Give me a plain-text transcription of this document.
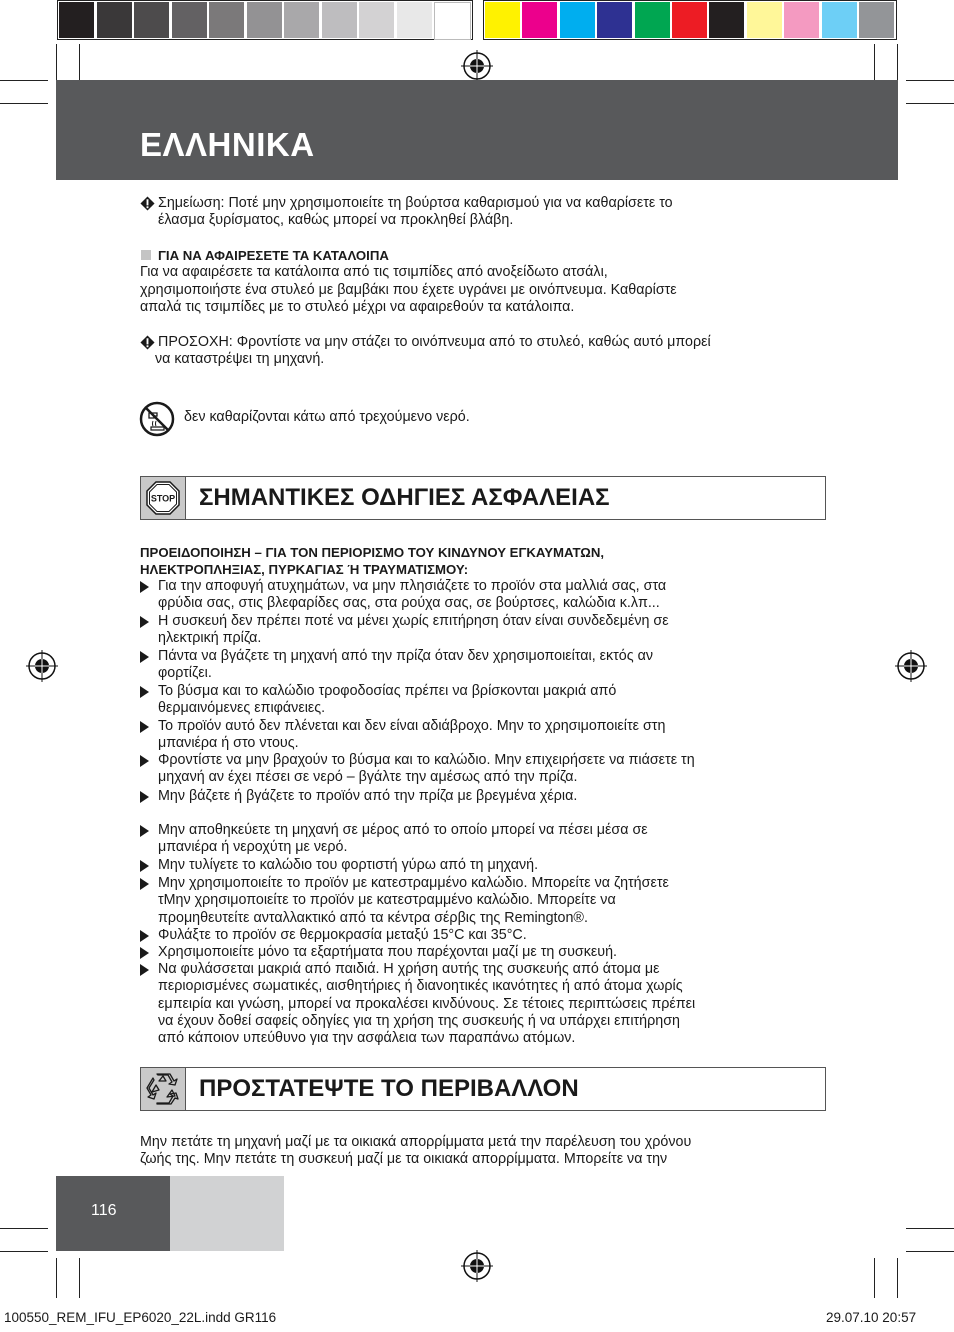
ΕΛΛΗΝΙΚΑ
Σημείωση: Ποτέ μην χρησιμοποιείτε τη βούρτσα καθαρισμού για να καθαρίσετε το
έλασμα ξυρίσματος, καθώς μπορεί να προκληθεί βλάβη.
ΓΙΑ ΝΑ ΑΦΑΙΡΕΣΕΤΕ ΤΑ ΚΑΤΑΛΟΙΠΑ
Για να αφαιρέσετε τα κατάλοιπα από τις τσιμπίδες από ανοξείδωτο ατσάλι,
χρησιμοποιήστε ένα στυλεό με βαμβάκι που έχετε υγράνει με οινόπνευμα. Καθαρίστε
απαλά τις τσιμπίδες με το στυλεό μέχρι να αφαιρεθούν τα κατάλοιπα.
ΠΡΟΣΟΧΗ: Φροντίστε να μην στάζει το οινόπνευμα από το στυλεό, καθώς αυτό μπορεί
να καταστρέψει τη μηχανή.
δεν καθαρίζονται κάτω από τρεχούμενο νερό.
STOP ΣΗΜΑΝΤΙΚΕΣ ΟΔΗΓΙΕΣ ΑΣΦΑΛΕΙΑΣ
ΠΡΟΕΙΔΟΠΟΙΗΣΗ – ΓΙΑ ΤΟΝ ΠΕΡΙΟΡΙΣΜΟ ΤΟΥ ΚΙΝΔΥΝΟΥ ΕΓΚΑΥΜΑΤΩΝ,
ΗΛΕΚΤΡΟΠΛΗΞΙΑΣ, ΠΥΡΚΑΓΙΑΣ Ή ΤΡΑΥΜΑΤΙΣΜΟΥ:
Για την αποφυγή ατυχημάτων, να μην πλησιάζετε το προϊόν στα μαλλιά σας, στα
φρύδια σας, στις βλεφαρίδες σας, στα ρούχα σας, σε βούρτσες, καλώδια κ.λπ...
Η συσκευή δεν πρέπει ποτέ να μένει χωρίς επιτήρηση όταν είναι συνδεδεμένη σε
ηλεκτρική πρίζα.
Πάντα να βγάζετε τη μηχανή από την πρίζα όταν δεν χρησιμοποιείται, εκτός αν
φορτίζει.
Το βύσμα και το καλώδιο τροφοδοσίας πρέπει να βρίσκονται μακριά από
θερμαινόμενες επιφάνειες.
Το προϊόν αυτό δεν πλένεται και δεν είναι αδιάβροχο. Μην το χρησιμοποιείτε στη
μπανιέρα ή στο ντους.
Φροντίστε να μην βραχούν το βύσμα και το καλώδιο. Μην επιχειρήσετε να πιάσετε τη
μηχανή αν έχει πέσει σε νερό – βγάλτε την αμέσως από την πρίζα.
Μην βάζετε ή βγάζετε το προϊόν από την πρίζα με βρεγμένα χέρια.
Μην αποθηκεύετε τη μηχανή σε μέρος από το οποίο μπορεί να πέσει μέσα σε
μπανιέρα ή νεροχύτη με νερό.
Μην τυλίγετε το καλώδιο του φορτιστή γύρω από τη μηχανή.
Μην χρησιμοποιείτε το προϊόν με κατεστραμμένο καλώδιο. Μπορείτε να ζητήσετε
τΜην χρησιμοποιείτε το προϊόν με κατεστραμμένο καλώδιο. Μπορείτε να
προμηθευτείτε ανταλλακτικό από τα κέντρα σέρβις της Remington®.
Φυλάξτε το προϊόν σε θερμοκρασία μεταξύ 15°C και 35°C.
Χρησιμοποιείτε μόνο τα εξαρτήματα που παρέχονται μαζί με τη συσκευή.
Να φυλάσσεται μακριά από παιδιά. Η χρήση αυτής της συσκευής από άτομα με
περιορισμένες σωματικές, αισθητήριες ή διανοητικές ικανότητες ή από άτομα χωρίς
εμπειρία και γνώση, μπορεί να προκαλέσει κινδύνους. Σε τέτοιες περιπτώσεις πρέπει
να έχουν δοθεί σαφείς οδηγίες για τη χρήση της συσκευής ή να υπάρχει επιτήρηση
από κάποιον υπεύθυνο για την ασφάλεια των παραπάνω ατόμων.
ΠΡΟΣΤΑΤΕΨΤΕ ΤΟ ΠΕΡΙΒΑΛΛΟΝ
Μην πετάτε τη μηχανή μαζί με τα οικιακά απορρίμματα μετά την παρέλευση του χρόνου
ζωής της. Μην πετάτε τη συσκευή μαζί με τα οικιακά απορρίμματα. Μπορείτε να την
116
100550_REM_IFU_EP6020_22L.indd GR116	29.07.10 20:57
